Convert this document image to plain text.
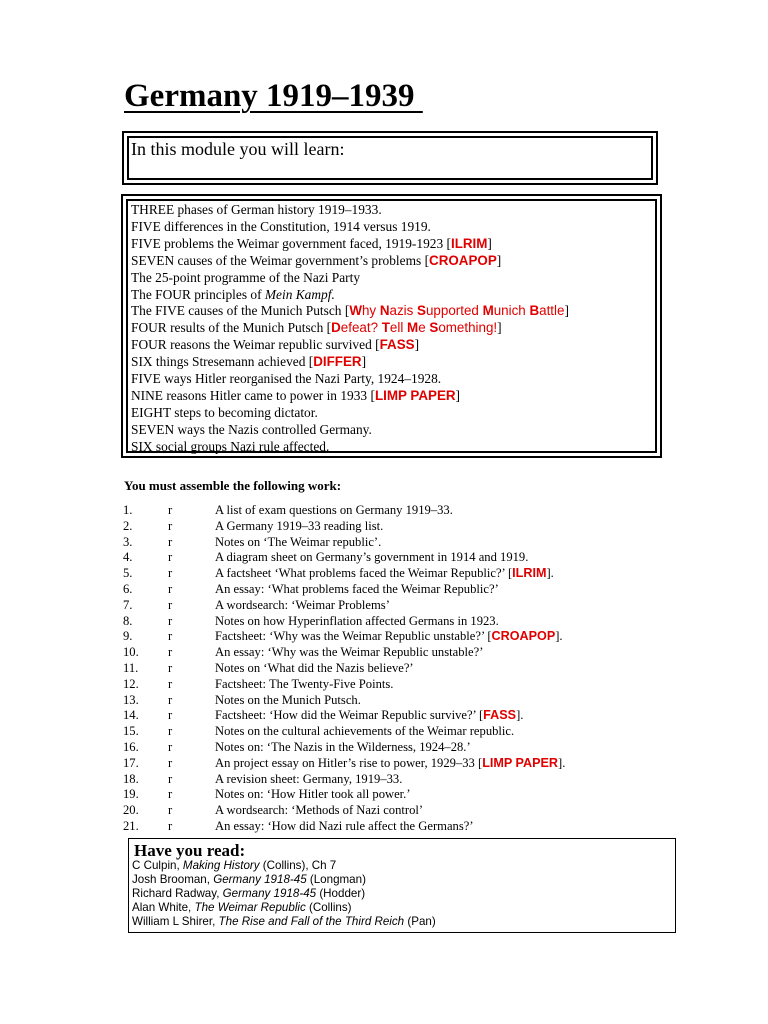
Germany 1919–1939
In this module you will learn:
THREE phases of German history 1919–1933.
FIVE differences in the Constitution, 1914 versus 1919.
FIVE problems the Weimar government faced, 1919-1923 [ILRIM]
SEVEN causes of the Weimar government’s problems [CROAPOP]
The 25-point programme of the Nazi Party
The FOUR principles of Mein Kampf.
The FIVE causes of the Munich Putsch [Why Nazis Supported Munich Battle]
FOUR results of the Munich Putsch [Defeat? Tell Me Something!]
FOUR reasons the Weimar republic survived [FASS]
SIX things Stresemann achieved [DIFFER]
FIVE ways Hitler reorganised the Nazi Party, 1924–1928.
NINE reasons Hitler came to power in 1933 [LIMP PAPER]
EIGHT steps to becoming dictator.
SEVEN ways the Nazis controlled Germany.
SIX social groups Nazi rule affected.

You must assemble the following work:

1.	r	A list of exam questions on Germany 1919–33.
2.	r	A Germany 1919–33 reading list.
3.	r	Notes on ‘The Weimar republic’.
4.	r	A diagram sheet on Germany’s government in 1914 and 1919.
5.	r	A factsheet ‘What problems faced the Weimar Republic?’ [ILRIM].
6.	r	An essay: ‘What problems faced the Weimar Republic?’
7.	r	A wordsearch: ‘Weimar Problems’
8.	r	Notes on how Hyperinflation affected Germans in 1923.
9.	r	Factsheet: ‘Why was the Weimar Republic unstable?’ [CROAPOP].
10. r	An essay: ‘Why was the Weimar Republic unstable?’
11. r	Notes on ‘What did the Nazis believe?’
12. r	Factsheet: The Twenty-Five Points.
13. r	Notes on the Munich Putsch.
14. r	Factsheet: ‘How did the Weimar Republic survive?’ [FASS].
15. r	Notes on the cultural achievements of the Weimar republic.
16. r	Notes on: ‘The Nazis in the Wilderness, 1924–28.’
17. r	An project essay on Hitler’s rise to power, 1929–33 [LIMP PAPER].
18. r	A revision sheet: Germany, 1919–33.
19. r	Notes on: ‘How Hitler took all power.’
20. r	A wordsearch: ‘Methods of Nazi control’
21. r	An essay: ‘How did Nazi rule affect the Germans?’
Have you read:
C Culpin, Making History (Collins), Ch 7
Josh Brooman, Germany 1918-45 (Longman)
Richard Radway, Germany 1918-45 (Hodder)
Alan White, The Weimar Republic (Collins)
William L Shirer, The Rise and Fall of the Third Reich (Pan)
